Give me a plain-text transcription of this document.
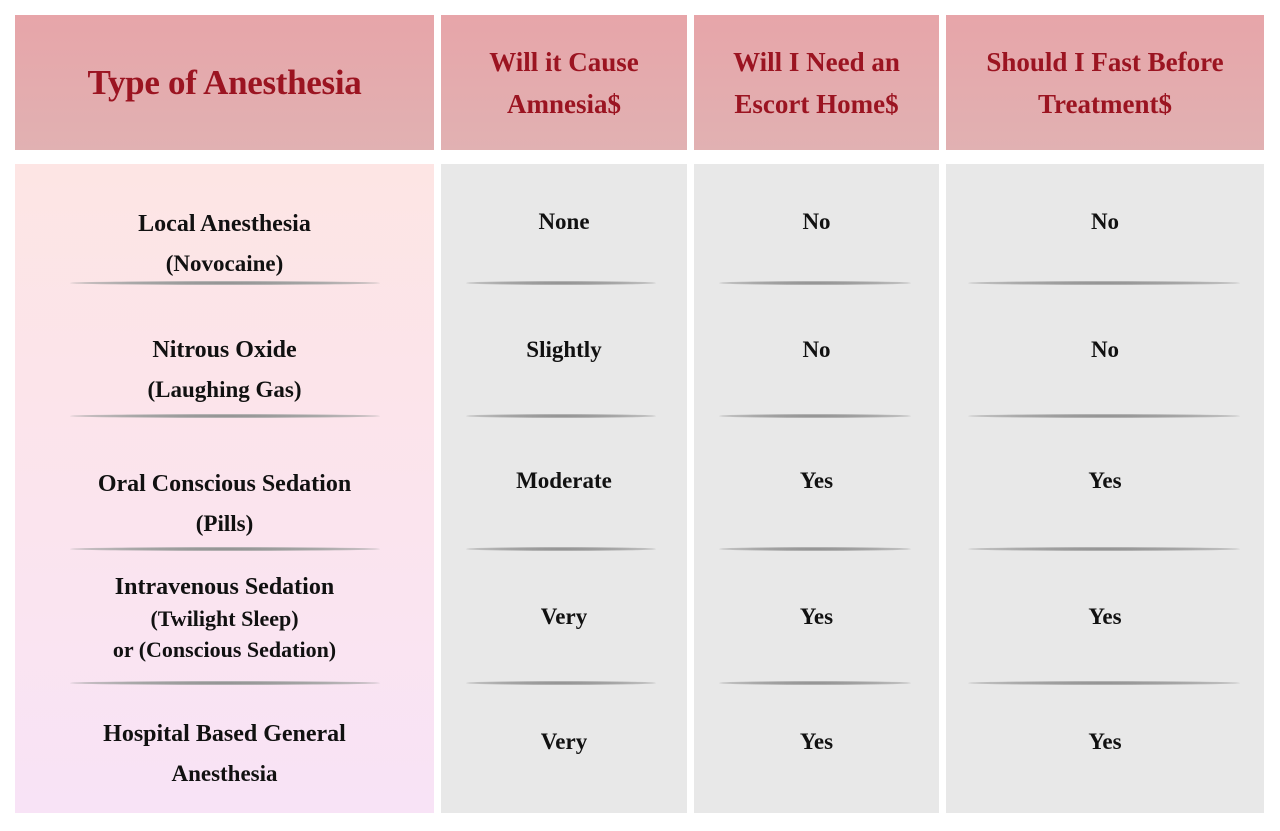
Type of Anesthesia
Will it Cause
Amnesia$
Will I Need an
Escort Home$
Should I Fast Before
Treatment$
Local Anesthesia
(Novocaine)
Nitrous Oxide
(Laughing Gas)
Oral Conscious Sedation
(Pills)
Intravenous Sedation
(Twilight Sleep)
or (Conscious Sedation)
Hospital Based General
Anesthesia
None
Slightly
Moderate
Very
Very
No
No
Yes
Yes
Yes
No
No
Yes
Yes
Yes
